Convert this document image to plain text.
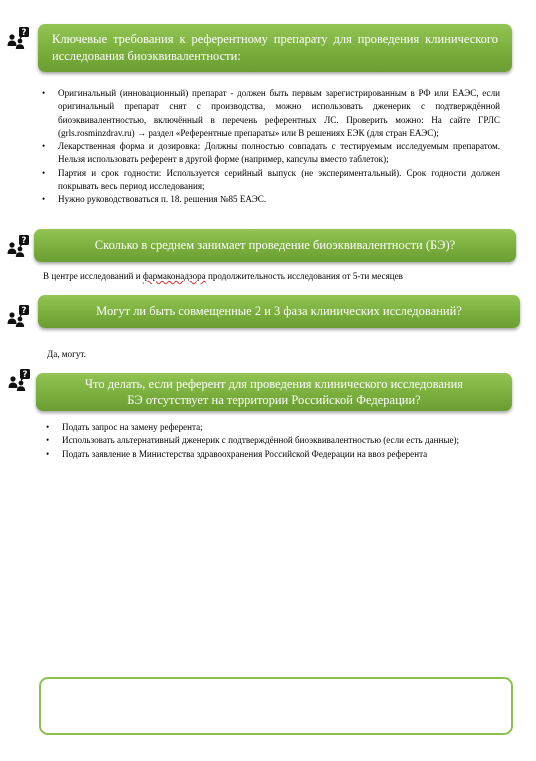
? Ключевые требования к референтному препарату для проведения клинического исследования биоэквивалентности:
• Оригинальный (инновационный) препарат - должен быть первым зарегистрированным в РФ или ЕАЭС, если оригинальный препарат снят с производства, можно использовать дженерик с подтверждённой биоэквивалентностью, включённый в перечень референтных ЛС. Проверить можно: На сайте ГРЛС (grls.rosminzdrav.ru) → раздел «Референтные препараты» или В решениях ЕЭК (для стран ЕАЭС);
• Лекарственная форма и дозировка: Должны полностью совпадать с тестируемым исследуемым препаратом. Нельзя использовать референт в другой форме (например, капсулы вместо таблеток);
• Партия и срок годности: Используется серийный выпуск (не экспериментальный). Срок годности должен покрывать весь период исследования;
• Нужно руководствоваться п. 18. решения №85 ЕАЭС.
?	Сколько в среднем занимает проведение биоэквивалентности (БЭ)?
В центре исследований и фармаконадзора продолжительность исследования от 5-ти месяцев
?	Могут ли быть совмещенные 2 и 3 фаза клинических исследований?
Да, могут.
?
Что делать, если референт для проведения клинического исследования БЭ отсутствует на территории Российской Федерации?
• Подать запрос на замену референта;
• Использовать альтернативный дженерик с подтверждённой биоэквивалентностью (если есть данные);
• Подать заявление в Министерства здравоохранения Российской Федерации на ввоз референта
